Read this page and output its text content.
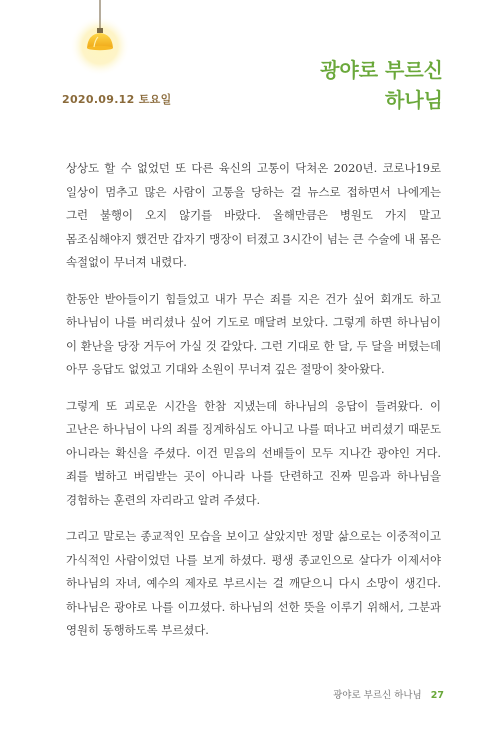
2020.09.12 토요일
광야로 부르신
하나님

상상도 할 수 없었던 또 다른 육신의 고통이 닥쳐온 2020년. 코로나19로 일상이 멈추고 많은 사람이 고통을 당하는 걸 뉴스로 접하면서 나에게는 그런 불행이 오지 않기를 바랐다. 올해만큼은 병원도 가지 말고 몸조심해야지 했건만 갑자기 맹장이 터졌고 3시간이 넘는 큰 수술에 내 몸은 속절없이 무너져 내렸다.

한동안 받아들이기 힘들었고 내가 무슨 죄를 지은 건가 싶어 회개도 하고 하나님이 나를 버리셨나 싶어 기도로 매달려 보았다. 그렇게 하면 하나님이 이 환난을 당장 거두어 가실 것 같았다. 그런 기대로 한 달, 두 달을 버텼는데 아무 응답도 없었고 기대와 소원이 무너져 깊은 절망이 찾아왔다.

그렇게 또 괴로운 시간을 한참 지냈는데 하나님의 응답이 들려왔다. 이 고난은 하나님이 나의 죄를 징계하심도 아니고 나를 떠나고 버리셨기 때문도 아니라는 확신을 주셨다. 이건 믿음의 선배들이 모두 지나간 광야인 거다. 죄를 벌하고 버림받는 곳이 아니라 나를 단련하고 진짜 믿음과 하나님을 경험하는 훈련의 자리라고 알려 주셨다.

그리고 말로는 종교적인 모습을 보이고 살았지만 정말 삶으로는 이중적이고 가식적인 사람이었던 나를 보게 하셨다. 평생 종교인으로 살다가 이제서야 하나님의 자녀, 예수의 제자로 부르시는 걸 깨닫으니 다시 소망이 생긴다. 하나님은 광야로 나를 이끄셨다. 하나님의 선한 뜻을 이루기 위해서, 그분과 영원히 동행하도록 부르셨다.

광야로 부르신 하나님 27
